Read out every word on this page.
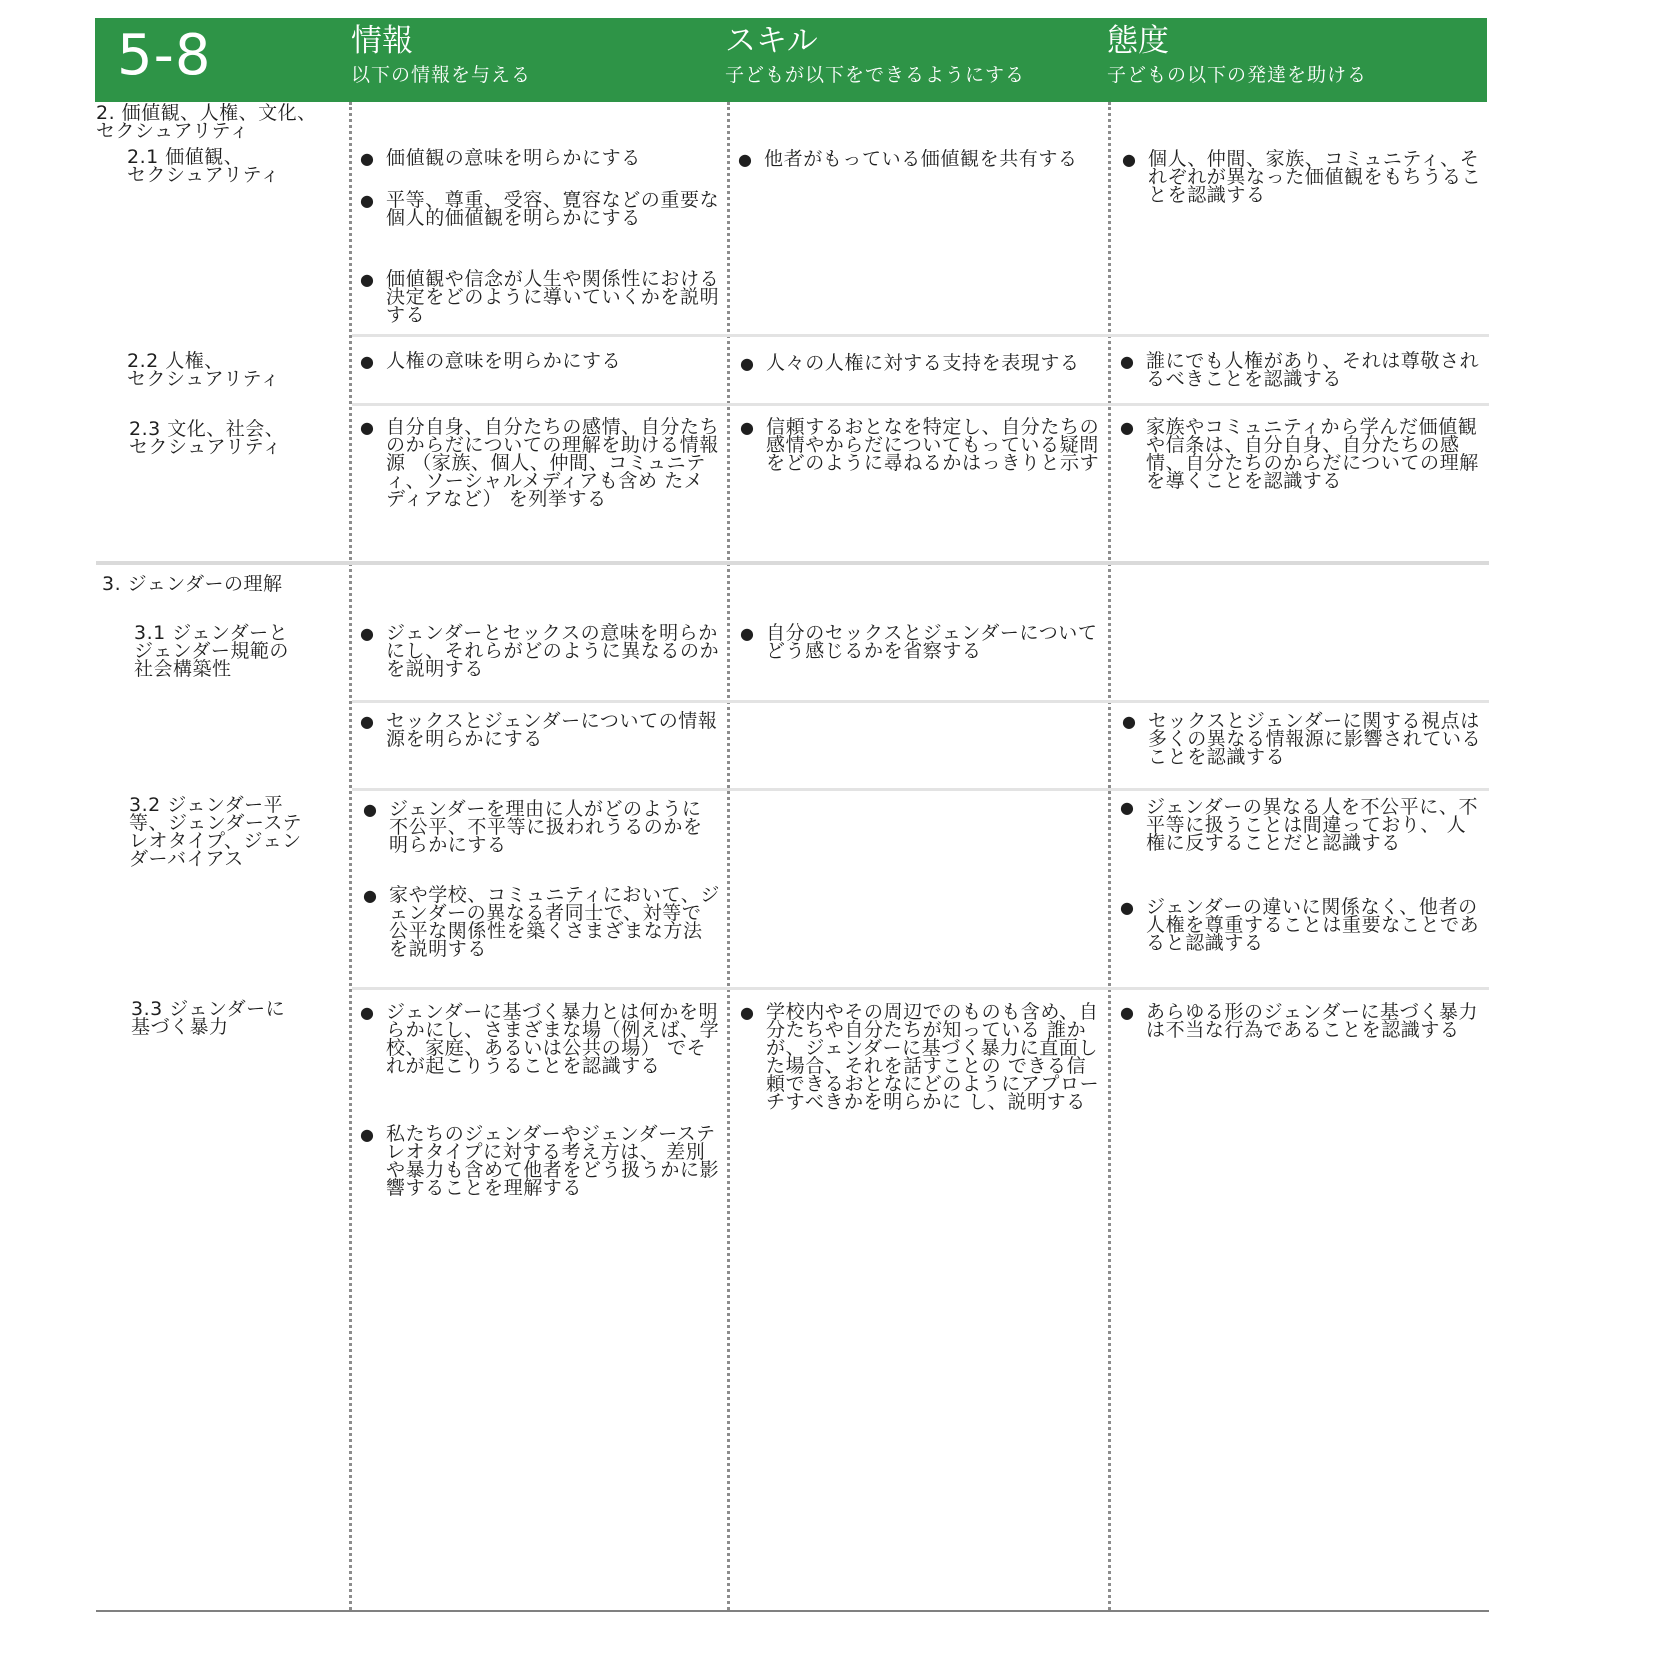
5-8	情報
以下の情報を与える
スキル
子どもが以下をできるようにする
態度
子どもの以下の発達を助ける
2. 価値観、人権、文化、
セクシュアリティ
2.1 価値観、
セクシュアリティ
2.2 人権、
セクシュアリティ
2.3 文化、社会、
セクシュアリティ
3. ジェンダーの理解
3.1 ジェンダーと
ジェンダー規範の
社会構築性
3.2 ジェンダー平
等、ジェンダーステ
レオタイプ、ジェン
ダーバイアス
3.3 ジェンダーに
基づく暴力
● 価値観の意味を明らかにする
● 平等、尊重、受容、寛容などの重要な個人的価値観を明らかにする
● 価値観や信念が人生や関係性における決定をどのように導いていくかを説明する
● 人権の意味を明らかにする
● 自分自身、自分たちの感情、自分たちのからだについての理解を助ける情報源 （家族、個人、仲間、コミュニティ、ソーシャルメディアも含め たメディアなど） を列挙する
● ジェンダーとセックスの意味を明らかにし、それらがどのように異なるのかを説明する
● セックスとジェンダーについての情報源を明らかにする
● ジェンダーを理由に人がどのように不公平、不平等に扱われうるのかを明らかにする
● 家や学校、コミュニティにおいて、ジェンダーの異なる者同士で、対等で公平な関係性を築くさまざまな方法を説明する
● ジェンダーに基づく暴力とは何かを明らかにし、さまざまな場（例えば、学校、家庭、あるいは公共の場） でそれが起こりうることを認識する
● 私たちのジェンダーやジェンダーステレオタイプに対する考え方は、 差別や暴力も含めて他者をどう扱うかに影響することを理解する
● 他者がもっている価値観を共有する
● 人々の人権に対する支持を表現する
● 信頼するおとなを特定し、自分たちの感情やからだについてもっている疑問をどのように尋ねるかはっきりと示す
● 自分のセックスとジェンダーについてどう感じるかを省察する
● 学校内やその周辺でのものも含め、自分たちや自分たちが知っている 誰かが、ジェンダーに基づく暴力に直面した場合、それを話すことの できる信頼できるおとなにどのようにアプローチすべきかを明らかに し、説明する
● 個人、仲間、家族、コミュニティ、それぞれが異なった価値観をもちうることを認識する
● 誰にでも人権があり、それは尊敬されるべきことを認識する
● 家族やコミュニティから学んだ価値観や信条は、自分自身、自分たちの感情、自分たちのからだについての理解を導くことを認識する
● セックスとジェンダーに関する視点は多くの異なる情報源に影響されていることを認識する
● ジェンダーの異なる人を不公平に、不平等に扱うことは間違っており、 人権に反することだと認識する
● ジェンダーの違いに関係なく、他者の人権を尊重することは重要なことであると認識する
● あらゆる形のジェンダーに基づく暴力は不当な行為であることを認識する
